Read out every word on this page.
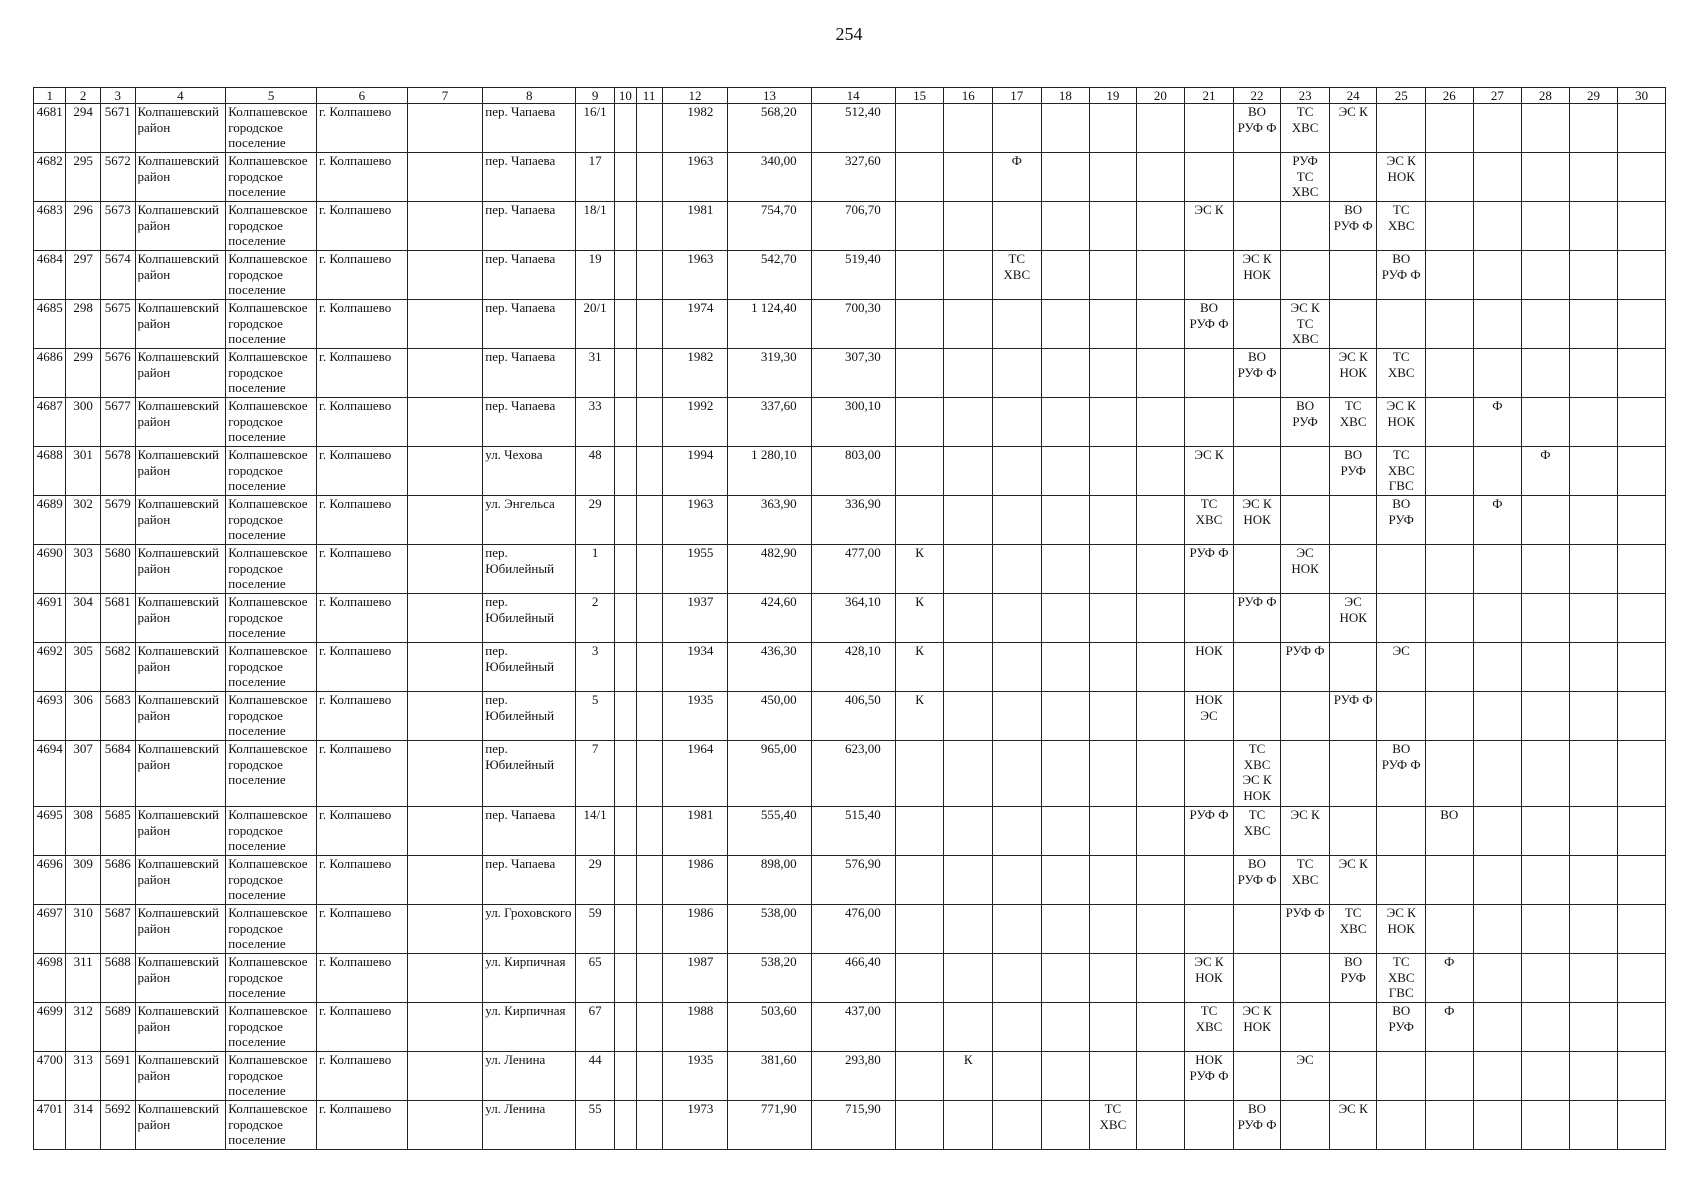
254
1	2	3	4	5	6	7	8	9	10	11	12	13	14	15	16	17	18	19	20	21	22	23	24	25	26	27	28	29	30
4681	294	5671	Колпашевский район	Колпашевское городское поселение	г. Колпашево		пер. Чапаева	16/1			1982	568,20	512,40								ВО
РУФ Ф	ТС
ХВС	ЭС К						
4682	295	5672	Колпашевский район	Колпашевское городское поселение	г. Колпашево		пер. Чапаева	17			1963	340,00	327,60			Ф						РУФ
ТС
ХВС		ЭС К
НОК					
4683	296	5673	Колпашевский район	Колпашевское городское поселение	г. Колпашево		пер. Чапаева	18/1			1981	754,70	706,70							ЭС К			ВО
РУФ Ф	ТС
ХВС					
4684	297	5674	Колпашевский район	Колпашевское городское поселение	г. Колпашево		пер. Чапаева	19			1963	542,70	519,40			ТС
ХВС					ЭС К
НОК			ВО
РУФ Ф					
4685	298	5675	Колпашевский район	Колпашевское городское поселение	г. Колпашево		пер. Чапаева	20/1			1974	1 124,40	700,30							ВО
РУФ Ф		ЭС К
ТС
ХВС							
4686	299	5676	Колпашевский район	Колпашевское городское поселение	г. Колпашево		пер. Чапаева	31			1982	319,30	307,30								ВО
РУФ Ф		ЭС К
НОК	ТС
ХВС					
4687	300	5677	Колпашевский район	Колпашевское городское поселение	г. Колпашево		пер. Чапаева	33			1992	337,60	300,10									ВО
РУФ	ТС
ХВС	ЭС К
НОК		Ф			
4688	301	5678	Колпашевский район	Колпашевское городское поселение	г. Колпашево		ул. Чехова	48			1994	1 280,10	803,00							ЭС К			ВО
РУФ	ТС
ХВС
ГВС			Ф		
4689	302	5679	Колпашевский район	Колпашевское городское поселение	г. Колпашево		ул. Энгельса	29			1963	363,90	336,90							ТС
ХВС	ЭС К
НОК			ВО
РУФ		Ф			
4690	303	5680	Колпашевский район	Колпашевское городское поселение	г. Колпашево		пер. Юбилейный	1			1955	482,90	477,00	К						РУФ Ф		ЭС
НОК							
4691	304	5681	Колпашевский район	Колпашевское городское поселение	г. Колпашево		пер. Юбилейный	2			1937	424,60	364,10	К							РУФ Ф		ЭС
НОК						
4692	305	5682	Колпашевский район	Колпашевское городское поселение	г. Колпашево		пер. Юбилейный	3			1934	436,30	428,10	К						НОК		РУФ Ф		ЭС					
4693	306	5683	Колпашевский район	Колпашевское городское поселение	г. Колпашево		пер. Юбилейный	5			1935	450,00	406,50	К						НОК
ЭС			РУФ Ф						
4694	307	5684	Колпашевский район	Колпашевское городское поселение	г. Колпашево		пер. Юбилейный	7			1964	965,00	623,00								ТС
ХВС
ЭС К
НОК			ВО
РУФ Ф					
4695	308	5685	Колпашевский район	Колпашевское городское поселение	г. Колпашево		пер. Чапаева	14/1			1981	555,40	515,40							РУФ Ф	ТС
ХВС	ЭС К			ВО				
4696	309	5686	Колпашевский район	Колпашевское городское поселение	г. Колпашево		пер. Чапаева	29			1986	898,00	576,90								ВО
РУФ Ф	ТС
ХВС	ЭС К						
4697	310	5687	Колпашевский район	Колпашевское городское поселение	г. Колпашево		ул. Гроховского	59			1986	538,00	476,00									РУФ Ф	ТС
ХВС	ЭС К
НОК					
4698	311	5688	Колпашевский район	Колпашевское городское поселение	г. Колпашево		ул. Кирпичная	65			1987	538,20	466,40							ЭС К
НОК			ВО
РУФ	ТС
ХВС
ГВС	Ф				
4699	312	5689	Колпашевский район	Колпашевское городское поселение	г. Колпашево		ул. Кирпичная	67			1988	503,60	437,00							ТС
ХВС	ЭС К
НОК			ВО
РУФ	Ф				
4700	313	5691	Колпашевский район	Колпашевское городское поселение	г. Колпашево		ул. Ленина	44			1935	381,60	293,80		К					НОК
РУФ Ф		ЭС							
4701	314	5692	Колпашевский район	Колпашевское городское поселение	г. Колпашево		ул. Ленина	55			1973	771,90	715,90					ТС
ХВС			ВО
РУФ Ф		ЭС К						
